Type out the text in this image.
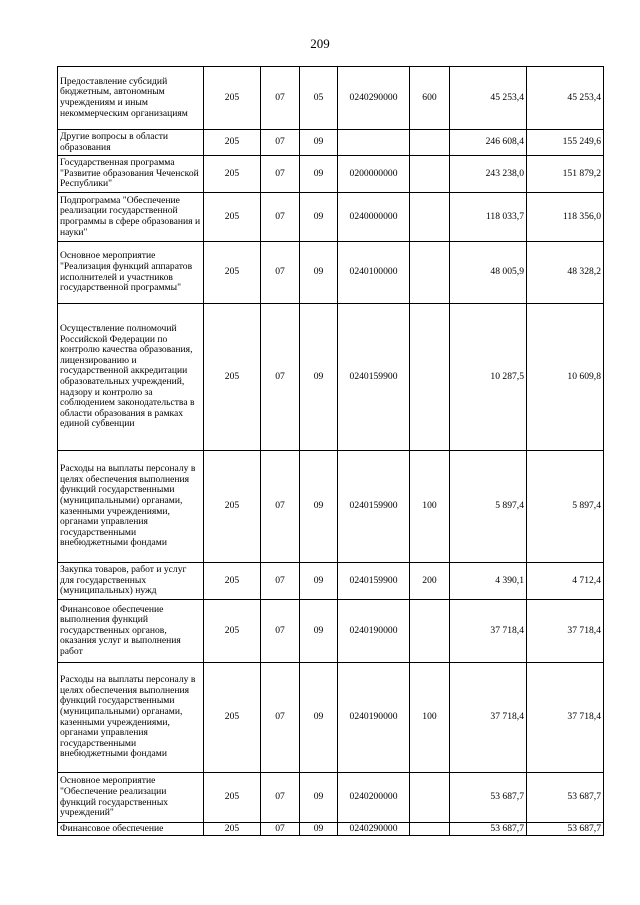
209
Предоставление субсидий бюджетным, автономным учреждениям и иным некоммерческим организациям	205	07	05	0240290000	600	45 253,4	45 253,4
Другие вопросы в области образования	205	07	09			246 608,4	155 249,6
Государственная программа "Развитие образования Чеченской Республики"	205	07	09	0200000000		243 238,0	151 879,2
Подпрограмма "Обеспечение реализации государственной программы в сфере образования и науки"	205	07	09	0240000000		118 033,7	118 356,0
Основное мероприятие "Реализация функций аппаратов исполнителей и участников государственной программы"	205	07	09	0240100000		48 005,9	48 328,2
Осуществление полномочий Российской Федерации по контролю качества образования, лицензированию и государственной аккредитации образовательных учреждений, надзору и контролю за соблюдением законодательства в области образования в рамках единой субвенции	205	07	09	0240159900		10 287,5	10 609,8
Расходы на выплаты персоналу в целях обеспечения выполнения функций государственными (муниципальными) органами, казенными учреждениями, органами управления государственными внебюджетными фондами	205	07	09	0240159900	100	5 897,4	5 897,4
Закупка товаров, работ и услуг для государственных (муниципальных) нужд	205	07	09	0240159900	200	4 390,1	4 712,4
Финансовое обеспечение выполнения функций государственных органов, оказания услуг и выполнения работ	205	07	09	0240190000		37 718,4	37 718,4
Расходы на выплаты персоналу в целях обеспечения выполнения функций государственными (муниципальными) органами, казенными учреждениями, органами управления государственными внебюджетными фондами	205	07	09	0240190000	100	37 718,4	37 718,4
Основное мероприятие "Обеспечение реализации функций государственных учреждений"	205	07	09	0240200000		53 687,7	53 687,7
Финансовое обеспечение	205	07	09	0240290000		53 687,7	53 687,7
